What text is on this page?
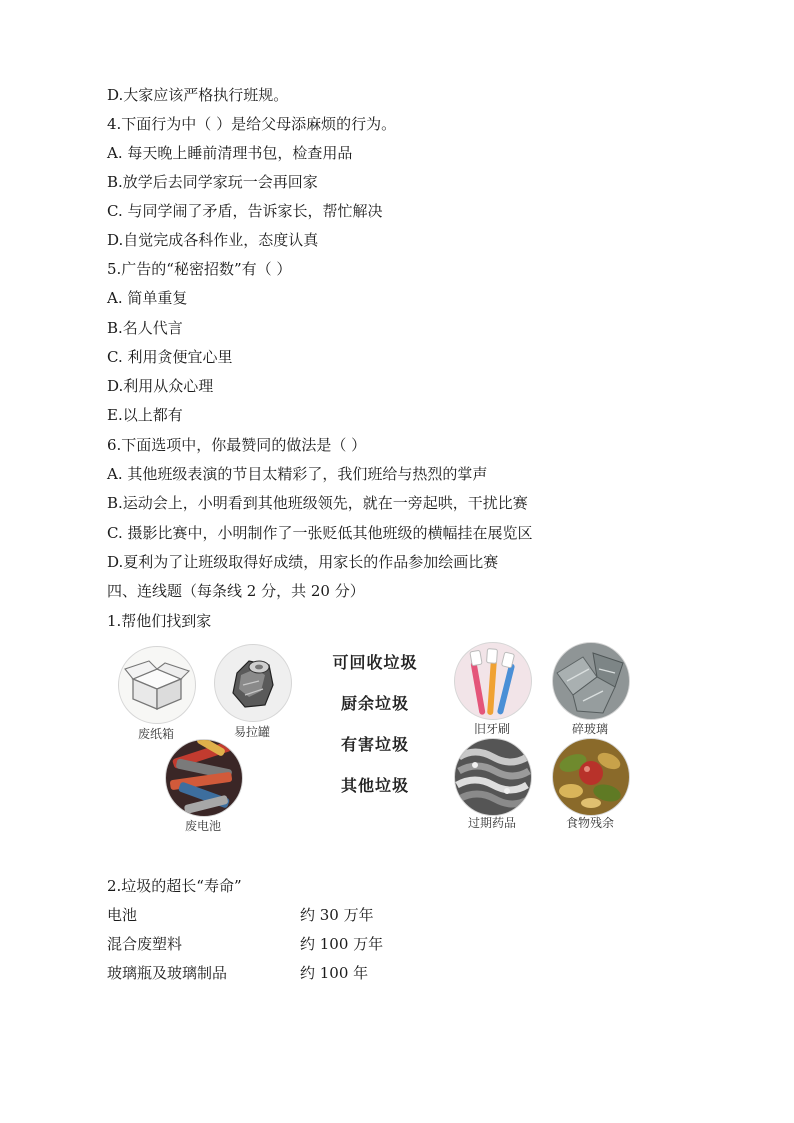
D.大家应该严格执行班规。
4.下面行为中（ ）是给父母添麻烦的行为。
A. 每天晚上睡前清理书包，检查用品
B.放学后去同学家玩一会再回家
C. 与同学闹了矛盾，告诉家长，帮忙解决
D.自觉完成各科作业，态度认真
5.广告的“秘密招数”有（ ）
A. 简单重复
B.名人代言
C. 利用贪便宜心里
D.利用从众心理
E.以上都有
6.下面选项中，你最赞同的做法是（ ）
A. 其他班级表演的节目太精彩了，我们班给与热烈的掌声
B.运动会上，小明看到其他班级领先，就在一旁起哄，干扰比赛
C. 摄影比赛中，小明制作了一张贬低其他班级的横幅挂在展览区
D.夏利为了让班级取得好成绩，用家长的作品参加绘画比赛
四、连线题（每条线 2 分，共 20 分）
1.帮他们找到家
废纸箱	易拉罐
废电池
可回收垃圾
厨余垃圾
有害垃圾
其他垃圾
旧牙刷	碎玻璃
过期药品	食物残余
2.垃圾的超长“寿命”
电池	约 30 万年
混合废塑料	约 100 万年
玻璃瓶及玻璃制品	约 100 年
